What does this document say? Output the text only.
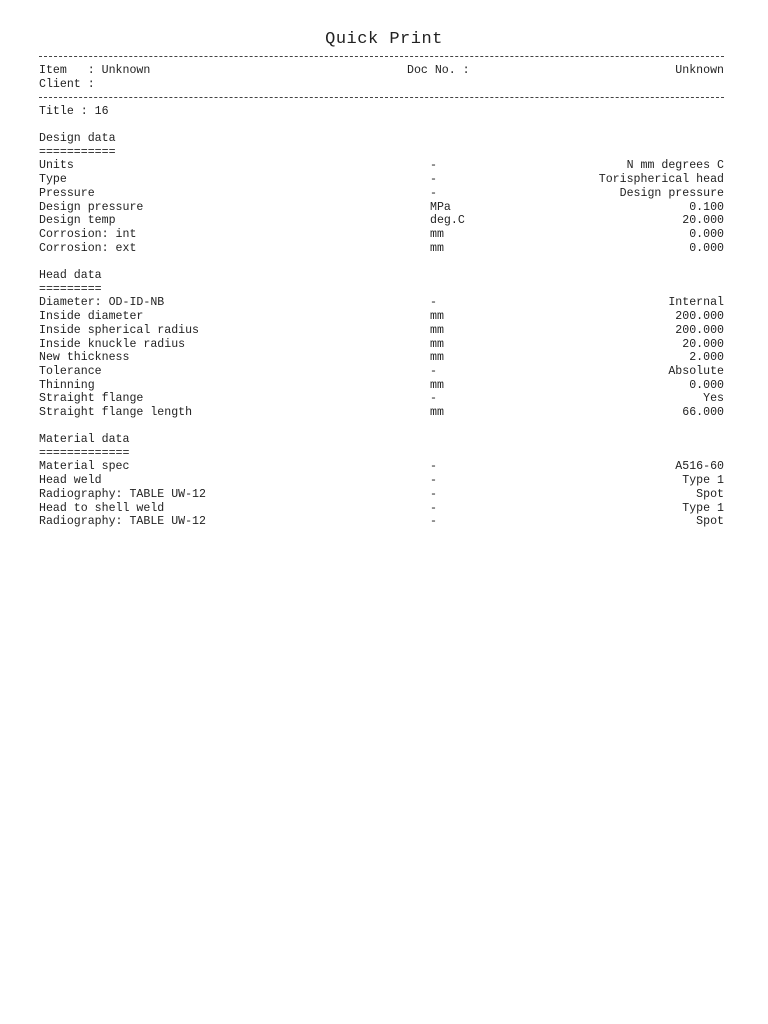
Quick Print

Item   : Unknown

	Doc No. :

	Unknown

Client :

Title : 16

Design data
===========
Units	-	N mm degrees C
Type	-	Torispherical head
Pressure	-	Design pressure
Design pressure	MPa	0.100
Design temp	deg.C	20.000
Corrosion: int	mm	0.000
Corrosion: ext	mm	0.000
Head data
=========
Diameter: OD-ID-NB	-	Internal
Inside diameter	mm	200.000
Inside spherical radius	mm	200.000
Inside knuckle radius	mm	20.000
New thickness	mm	2.000
Tolerance	-	Absolute
Thinning	mm	0.000
Straight flange	-	Yes
Straight flange length	mm	66.000
Material data
=============
Material spec	-	A516-60
Head weld	-	Type 1
Radiography: TABLE UW-12	-	Spot
Head to shell weld	-	Type 1
Radiography: TABLE UW-12	-	Spot
